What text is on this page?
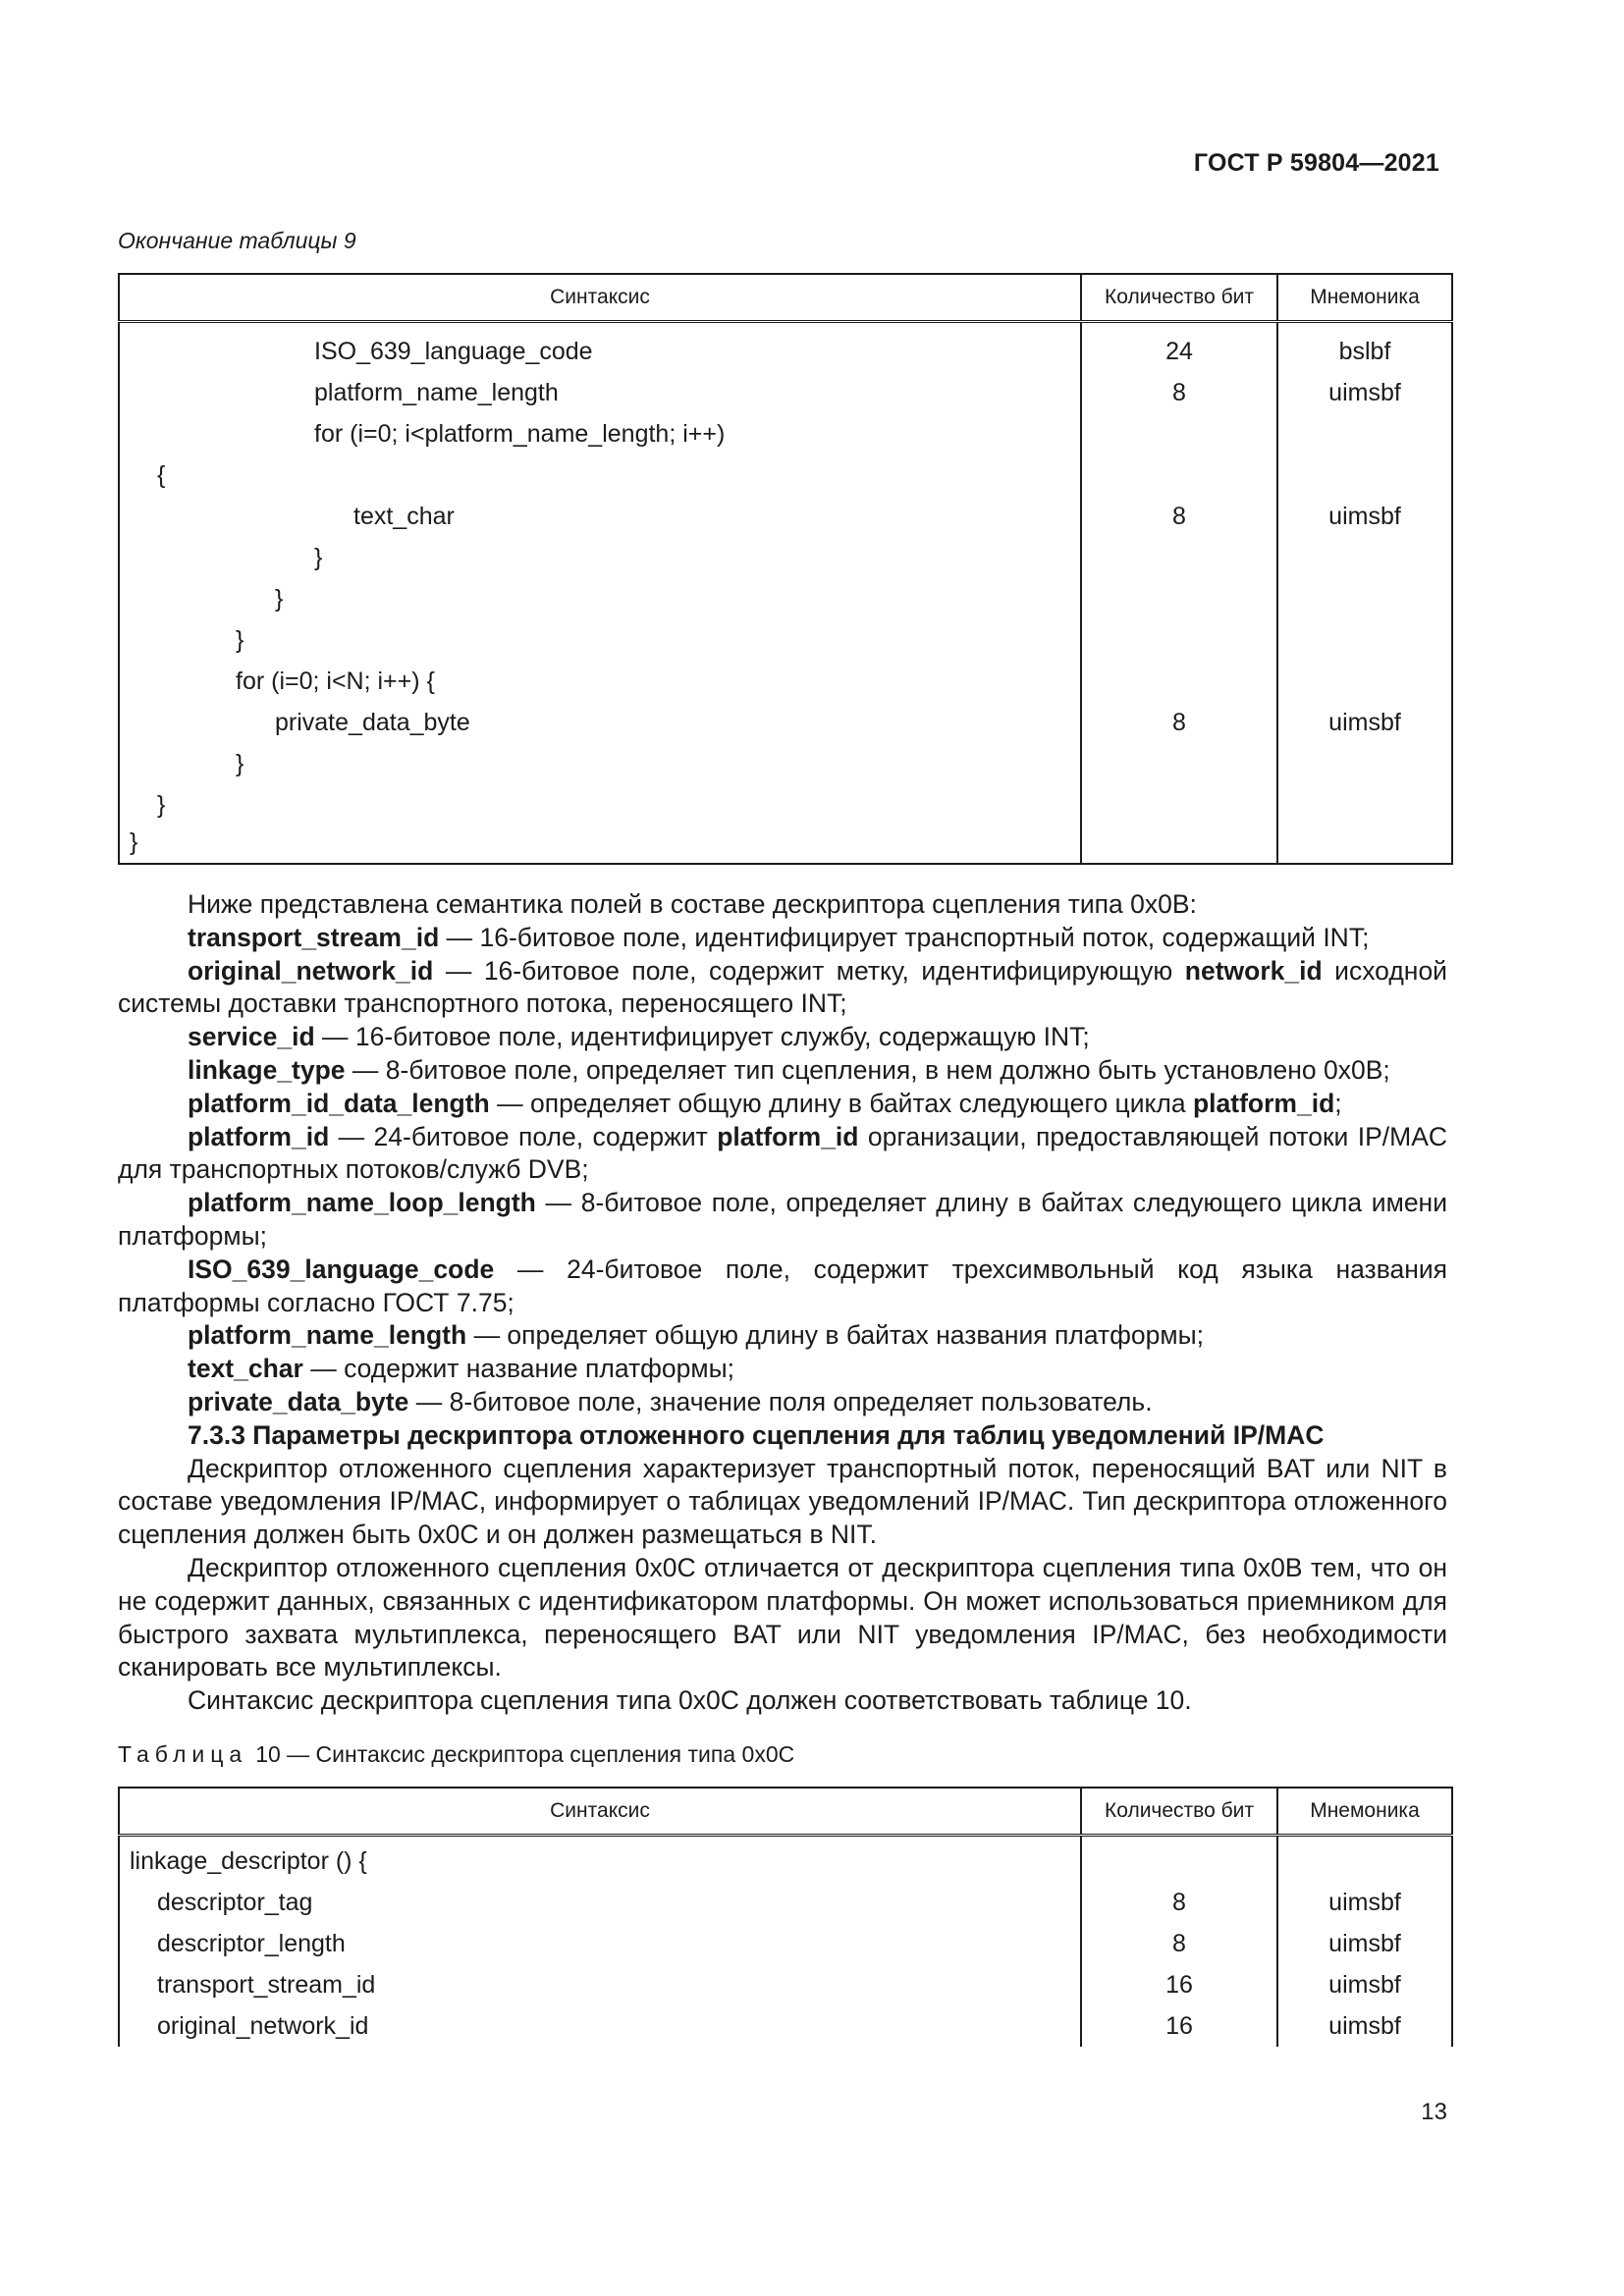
ГОСТ Р 59804—2021
Окончание таблицы 9
Синтаксис	Количество бит	Мнемоника
ISO_639_language_code	24	bslbf
platform_name_length	8	uimsbf
for (i=0; i<platform_name_length; i++)		
{		
text_char	8	uimsbf
}		
}		
}		
for (i=0; i<N; i++) {		
private_data_byte	8	uimsbf
}		
}		
}		

Ниже представлена семантика полей в составе дескриптора сцепления типа 0x0B:

transport_stream_id — 16-битовое поле, идентифицирует транспортный поток, содержащий INT;

original_network_id — 16-битовое поле, содержит метку, идентифицирующую network_id исходной системы доставки транспортного потока, переносящего INT;

service_id — 16-битовое поле, идентифицирует службу, содержащую INT;

linkage_type — 8-битовое поле, определяет тип сцепления, в нем должно быть установлено 0x0B;

platform_id_data_length — определяет общую длину в байтах следующего цикла platform_id;

platform_id — 24-битовое поле, содержит platform_id организации, предоставляющей потоки IP/MAC для транспортных потоков/служб DVB;

platform_name_loop_length — 8-битовое поле, определяет длину в байтах следующего цикла имени платформы;

ISO_639_language_code — 24-битовое поле, содержит трехсимвольный код языка названия платформы согласно ГОСТ 7.75;

platform_name_length — определяет общую длину в байтах названия платформы;

text_char — содержит название платформы;

private_data_byte — 8-битовое поле, значение поля определяет пользователь.

7.3.3 Параметры дескриптора отложенного сцепления для таблиц уведомлений IP/MAC

Дескриптор отложенного сцепления характеризует транспортный поток, переносящий BAT или NIT в составе уведомления IP/MAC, информирует о таблицах уведомлений IP/MAC. Тип дескриптора отложенного сцепления должен быть 0x0C и он должен размещаться в NIT.

Дескриптор отложенного сцепления 0x0C отличается от дескриптора сцепления типа 0x0B тем, что он не содержит данных, связанных с идентификатором платформы. Он может использоваться приемником для быстрого захвата мультиплекса, переносящего BAT или NIT уведомления IP/MAC, без необходимости сканировать все мультиплексы.

Синтаксис дескриптора сцепления типа 0x0C должен соответствовать таблице 10.

Таблица 10 — Синтаксис дескриптора сцепления типа 0x0C
Синтаксис	Количество бит	Мнемоника
linkage_descriptor () {		
descriptor_tag	8	uimsbf
descriptor_length	8	uimsbf
transport_stream_id	16	uimsbf
original_network_id	16	uimsbf
13
